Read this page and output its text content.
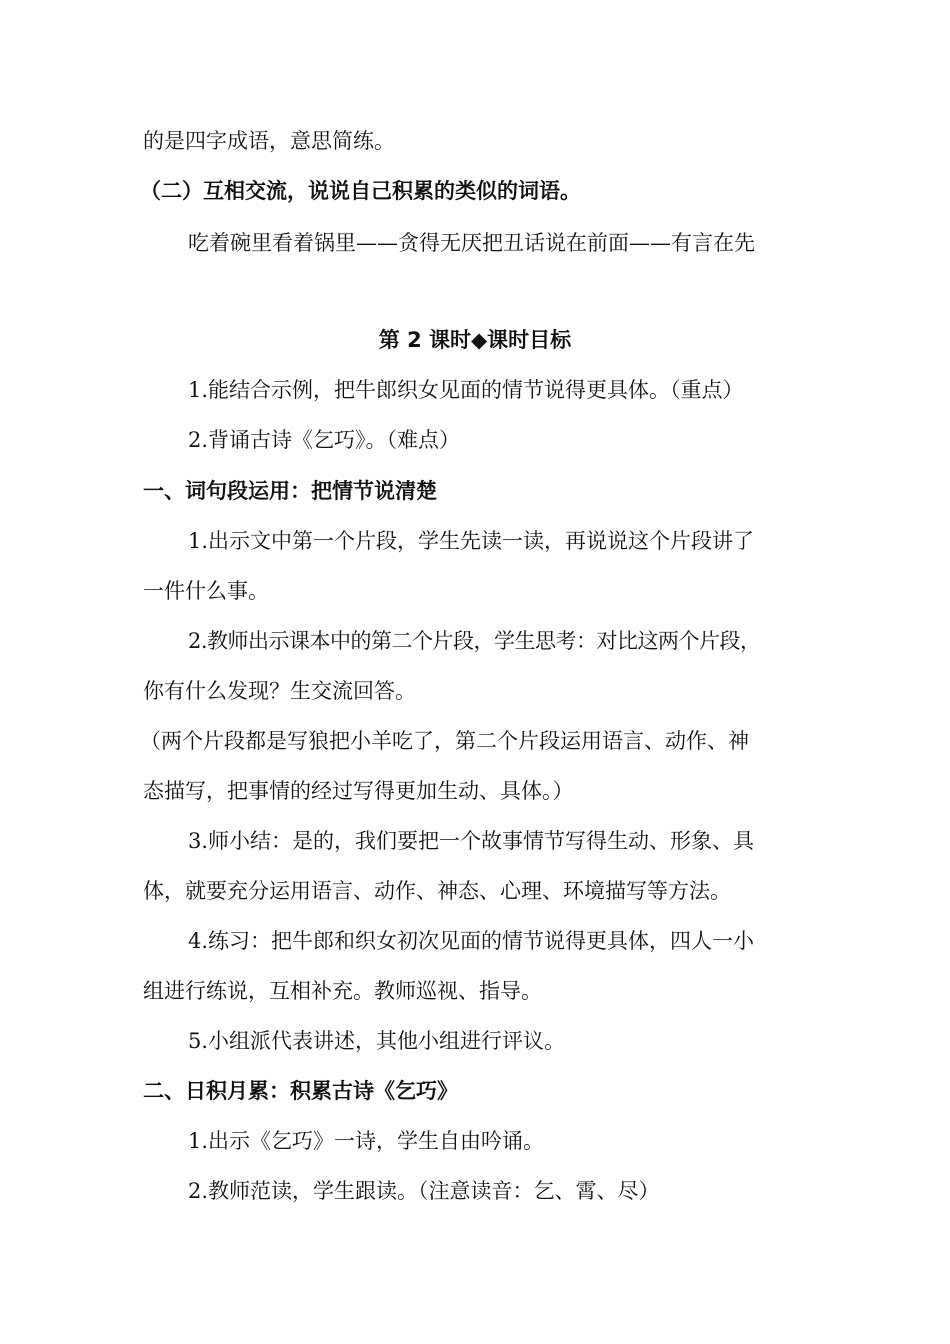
的是四字成语，意思简练。
（二）互相交流，说说自己积累的类似的词语。
吃着碗里看着锅里——贪得无厌把丑话说在前面——有言在先
第 2 课时◆课时目标
1.能结合示例，把牛郎织女见面的情节说得更具体。（重点）
2.背诵古诗《乞巧》。（难点）
一、词句段运用：把情节说清楚
1.出示文中第一个片段，学生先读一读，再说说这个片段讲了
一件什么事。
2.教师出示课本中的第二个片段，学生思考：对比这两个片段，
你有什么发现？生交流回答。
（两个片段都是写狼把小羊吃了，第二个片段运用语言、动作、神
态描写，把事情的经过写得更加生动、具体。）
3.师小结：是的，我们要把一个故事情节写得生动、形象、具
体，就要充分运用语言、动作、神态、心理、环境描写等方法。
4.练习：把牛郎和织女初次见面的情节说得更具体，四人一小
组进行练说，互相补充。教师巡视、指导。
5.小组派代表讲述，其他小组进行评议。
二、日积月累：积累古诗《乞巧》
1.出示《乞巧》一诗，学生自由吟诵。
2.教师范读，学生跟读。（注意读音：乞、霄、尽）
